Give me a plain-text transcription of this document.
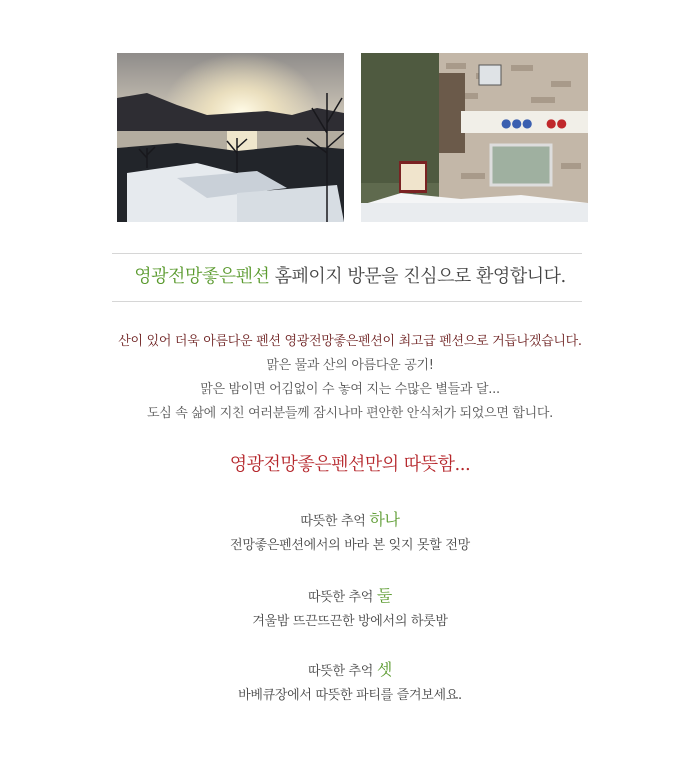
●●● ●●
영광전망좋은펜션 홈페이지 방문을 진심으로 환영합니다.
산이 있어 더욱 아름다운 펜션 영광전망좋은펜션이 최고급 펜션으로 거듭나겠습니다.
맑은 물과 산의 아름다운 공기!
맑은 밤이면 어김없이 수 놓여 지는 수많은 별들과 달...
도심 속 삶에 지친 여러분들께 잠시나마 편안한 안식처가 되었으면 합니다.
영광전망좋은펜션만의 따뜻함...
따뜻한 추억 하나
전망좋은펜션에서의 바라 본 잊지 못할 전망
따뜻한 추억 둘
겨울밤 뜨끈뜨끈한 방에서의 하룻밤
따뜻한 추억 셋
바베큐장에서 따뜻한 파티를 즐겨보세요.
